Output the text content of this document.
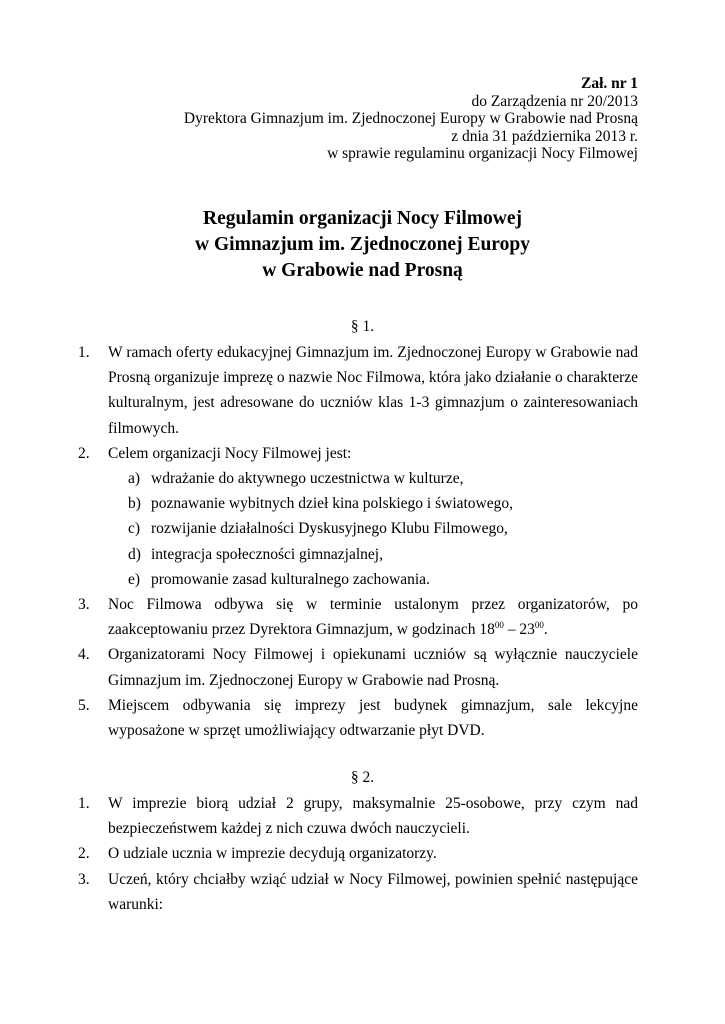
Zał. nr 1
do Zarządzenia nr 20/2013
Dyrektora Gimnazjum im. Zjednoczonej Europy w Grabowie nad Prosną
z dnia 31 października 2013 r.
w sprawie regulaminu organizacji Nocy Filmowej
Regulamin organizacji Nocy Filmowej
w Gimnazjum im. Zjednoczonej Europy
w Grabowie nad Prosną
§ 1.
1. W ramach oferty edukacyjnej Gimnazjum im. Zjednoczonej Europy w Grabowie nad Prosną organizuje imprezę o nazwie Noc Filmowa, która jako działanie o charakterze kulturalnym, jest adresowane do uczniów klas 1-3 gimnazjum o zainteresowaniach filmowych.
2. Celem organizacji Nocy Filmowej jest:
a) wdrażanie do aktywnego uczestnictwa w kulturze,
b) poznawanie wybitnych dzieł kina polskiego i światowego,
c) rozwijanie działalności Dyskusyjnego Klubu Filmowego,
d) integracja społeczności gimnazjalnej,
e) promowanie zasad kulturalnego zachowania.
3. Noc Filmowa odbywa się w terminie ustalonym przez organizatorów, po zaakceptowaniu przez Dyrektora Gimnazjum, w godzinach $18^{00} - 23^{00}$.
4. Organizatorami Nocy Filmowej i opiekunami uczniów są wyłącznie nauczyciele Gimnazjum im. Zjednoczonej Europy w Grabowie nad Prosną.
5. Miejscem odbywania się imprezy jest budynek gimnazjum, sale lekcyjne wyposażone w sprzęt umożliwiający odtwarzanie płyt DVD.
§ 2.
1. W imprezie biorą udział 2 grupy, maksymalnie 25-osobowe, przy czym nad bezpieczeństwem każdej z nich czuwa dwóch nauczycieli.
2. O udziale ucznia w imprezie decydują organizatorzy.
3. Uczeń, który chciałby wziąć udział w Nocy Filmowej, powinien spełnić następujące warunki:
